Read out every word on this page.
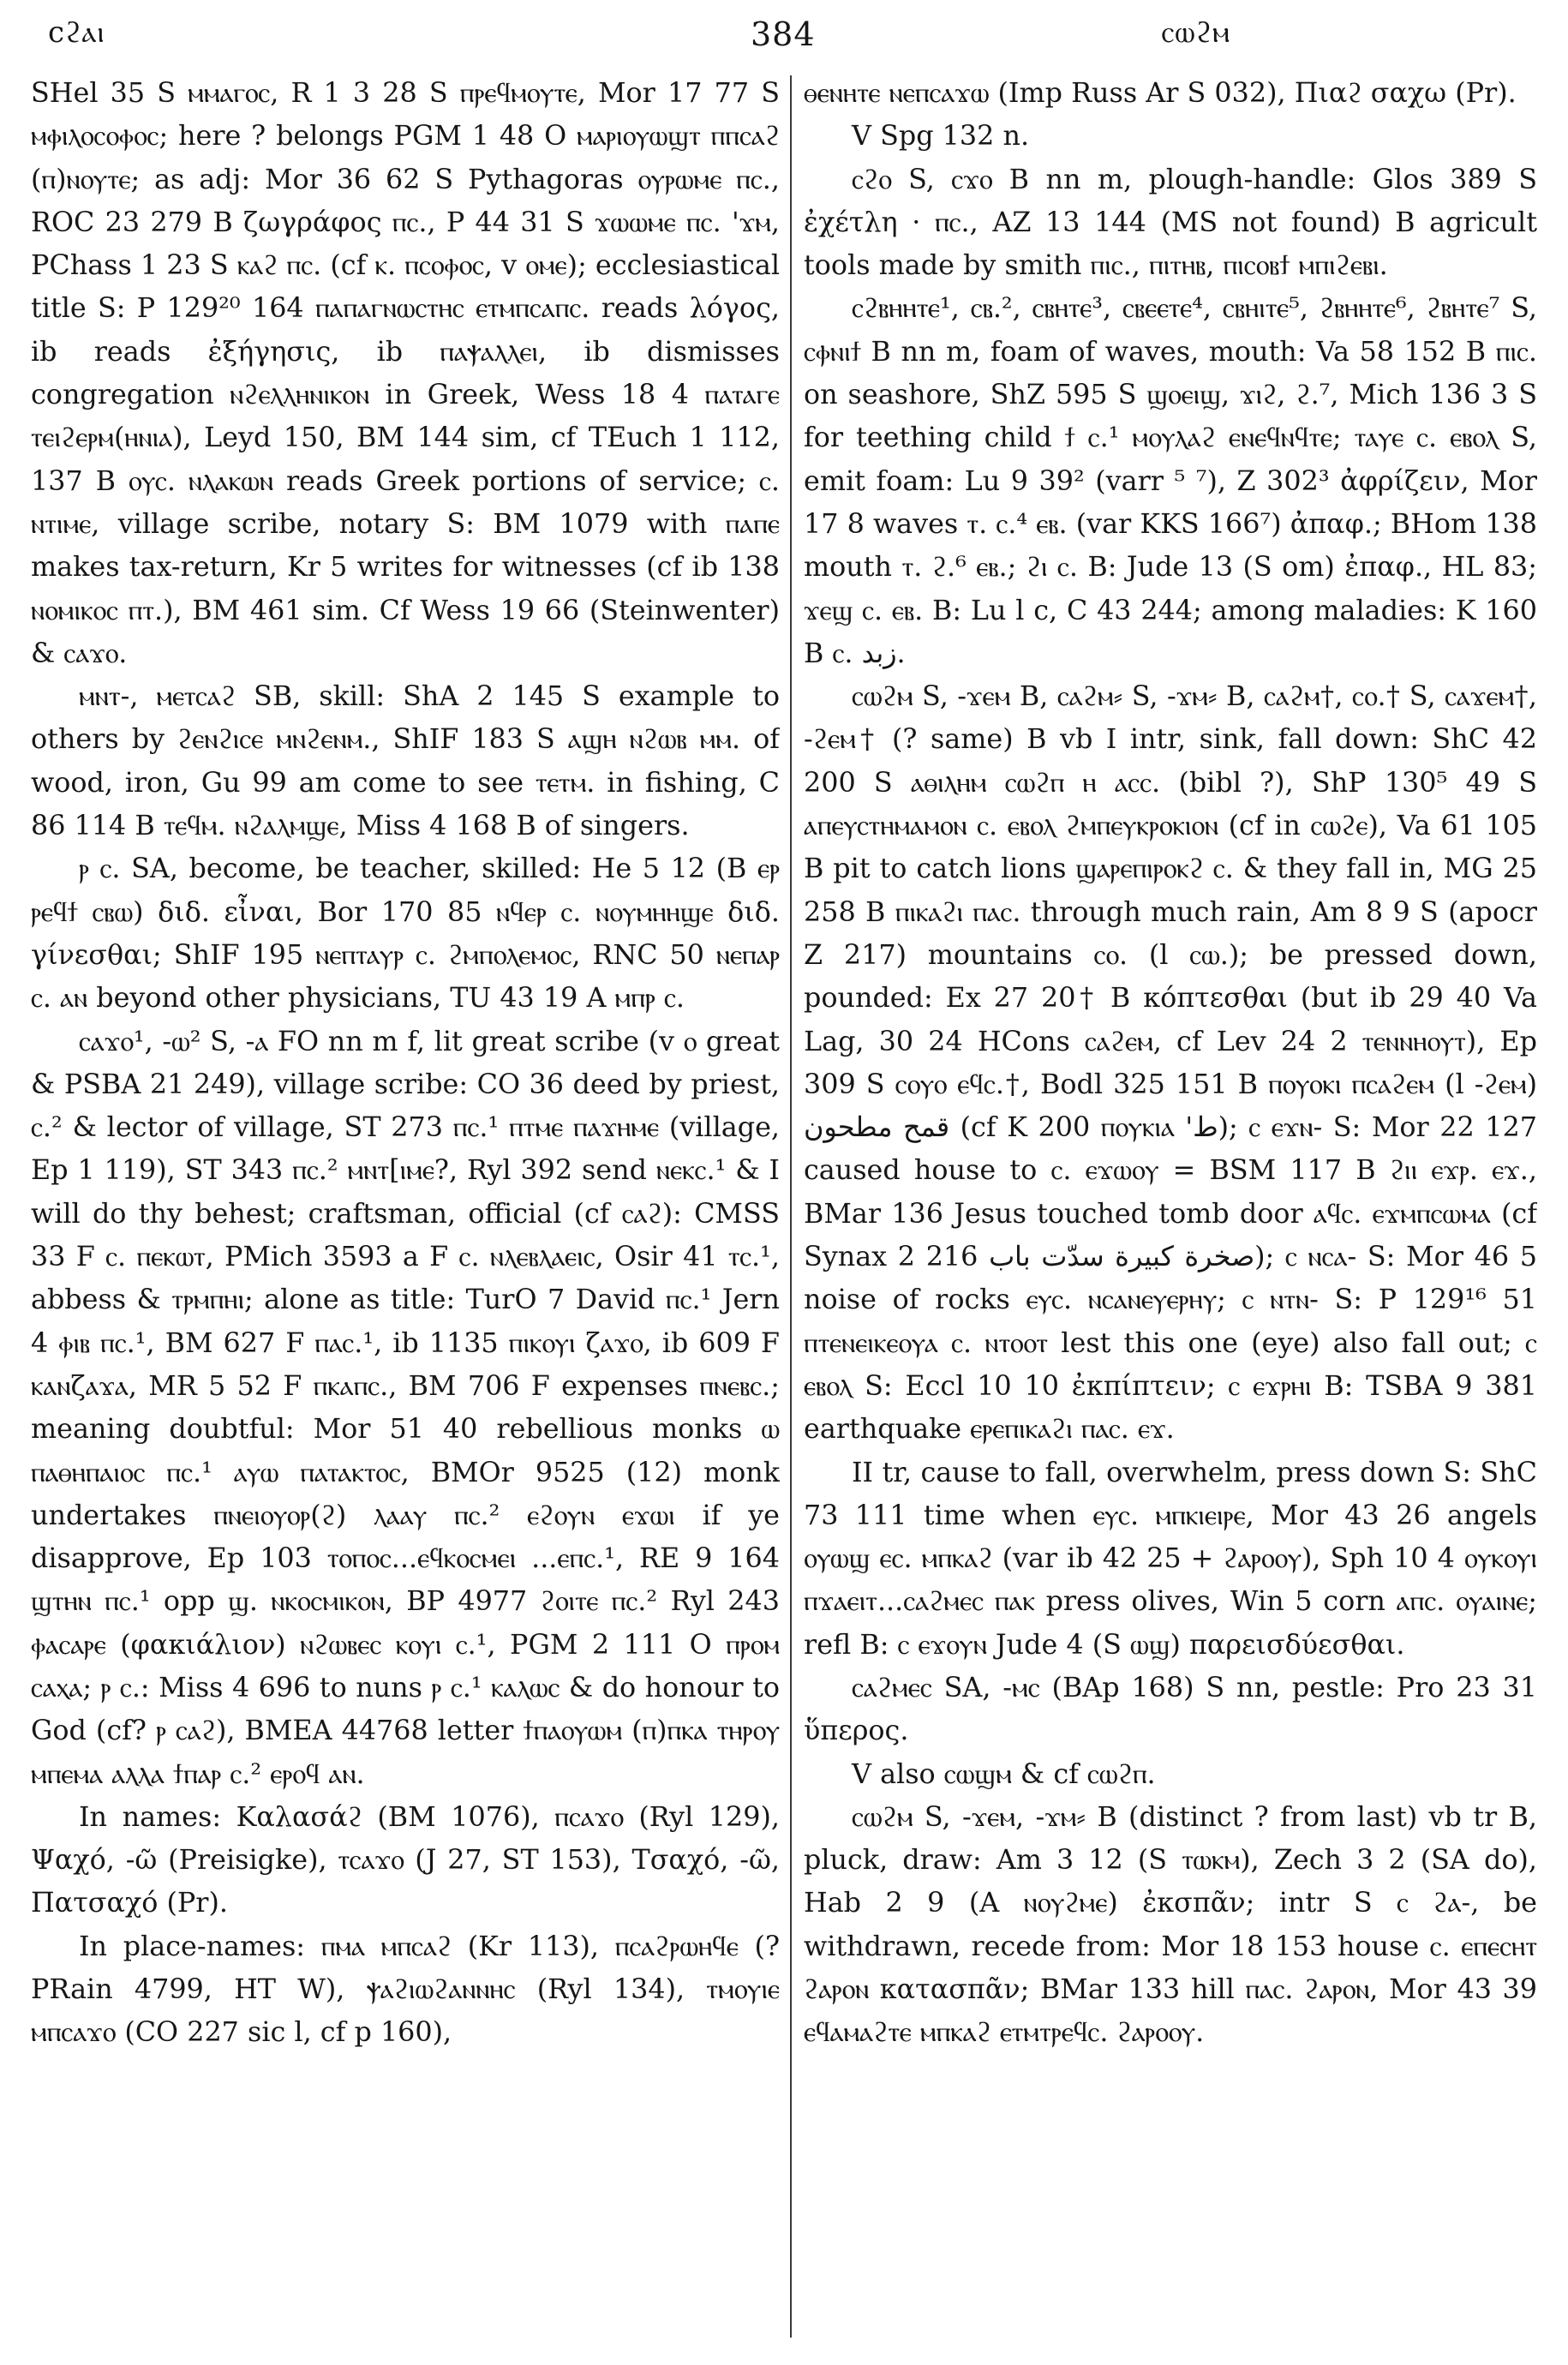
ϲϩⲁⲓ	384	ⲥⲱϩⲙ

SHel 35 S ⲙⲙⲁⲅⲟⲥ, R 1 3 28 S ⲡⲣⲉϥⲙⲟⲩⲧⲉ, Mor 17 77 S ⲙⲫⲓⲗⲟⲥⲟⲫⲟⲥ; here ? belongs PGM 1 48 O ⲙⲁⲣⲓⲟⲩⲱϣⲧ ⲡⲡⲥⲁϩ (ⲡ)ⲛⲟⲩⲧⲉ; as adj: Mor 36 62 S Pythagoras ⲟⲩⲣⲱⲙⲉ ⲡⲥ., ROC 23 279 B ζωγράφος ⲡⲥ., P 44 31 S ϫⲱⲱⲙⲉ ⲡⲥ. 'ϫⲙ, PChass 1 23 S ⲕⲁϩ ⲡⲥ. (cf ⲕ. ⲡⲥⲟⲫⲟⲥ, v ⲟⲙⲉ); ecclesiastical title S: P 129²⁰ 164 ⲡⲁⲡⲁⲅⲛⲱⲥⲧⲏⲥ ⲉⲧⲙⲡⲥⲁⲡⲥ. reads λόγος, ib reads ἐξήγησις, ib ⲡⲁⲯⲁⲗⲗⲉⲓ, ib dismisses congregation ⲛϩⲉⲗⲗⲏⲛⲓⲕⲟⲛ in Greek, Wess 18 4 ⲡⲁⲧⲁⲅⲉ ⲧⲉⲓϩⲉⲣⲙ(ⲏⲛⲓⲁ), Leyd 150, BM 144 sim, cf TEuch 1 112, 137 B ⲟⲩⲥ. ⲛⲗⲁⲕⲱⲛ reads Greek portions of service; ⲥ. ⲛⲧⲓⲙⲉ, village scribe, notary S: BM 1079 with ⲡⲁⲡⲉ makes tax-return, Kr 5 writes for witnesses (cf ib 138 ⲛⲟⲙⲓⲕⲟⲥ ⲡⲧ.), BM 461 sim. Cf Wess 19 66 (Steinwenter) & ⲥⲁϫⲟ.

ⲙⲛⲧ-, ⲙⲉⲧⲥⲁϩ SB, skill: ShA 2 145 S example to others by ϩⲉⲛϩⲓⲥⲉ ⲙⲛϩⲉⲛⲙ., ShIF 183 S ⲁϣⲏ ⲛϩⲱⲃ ⲙⲙ. of wood, iron, Gu 99 am come to see ⲧⲉⲧⲙ. in fishing, C 86 114 B ⲧⲉϥⲙ. ⲛϩⲁⲗⲙϣⲉ, Miss 4 168 B of singers.

ⲣ ⲥ. SA, become, be teacher, skilled: He 5 12 (B ⲉⲣ ⲣⲉϥϯ ⲥⲃⲱ) διδ. εἶναι, Bor 170 85 ⲛϥⲉⲣ ⲥ. ⲛⲟⲩⲙⲏⲏϣⲉ διδ. γίνεσθαι; ShIF 195 ⲛⲉⲡⲧⲁⲩⲣ ⲥ. ϩⲙⲡⲟⲗⲉⲙⲟⲥ, RNC 50 ⲛⲉⲡⲁⲣ ⲥ. ⲁⲛ beyond other physicians, TU 43 19 A ⲙⲡⲣ ⲥ.

ⲥⲁϫⲟ¹, -ⲱ² S, -ⲁ FO nn m f, lit great scribe (v ⲟ great & PSBA 21 249), village scribe: CO 36 deed by priest, ⲥ.² & lector of village, ST 273 ⲡⲥ.¹ ⲡⲧⲙⲉ ⲡⲁϫⲏⲙⲉ (village, Ep 1 119), ST 343 ⲡⲥ.² ⲙⲛⲧ[ⲓⲙⲉ?, Ryl 392 send ⲛⲉⲕⲥ.¹ & I will do thy behest; craftsman, official (cf ⲥⲁϩ): CMSS 33 F ⲥ. ⲡⲉⲕⲱⲧ, PMich 3593 a F ⲥ. ⲛⲗⲉⲃⲗⲁⲉⲓⲥ, Osir 41 ⲧⲥ.¹, abbess & ⲧⲣⲙⲡⲏⲓ; alone as title: TurO 7 David ⲡⲥ.¹ Jern 4 ⲫⲓⲃ ⲡⲥ.¹, BM 627 F ⲡⲁⲥ.¹, ib 1135 ⲡⲓⲕⲟⲩⲓ ζⲁϫⲟ, ib 609 F ⲕⲁⲛζⲁϫⲁ, MR 5 52 F ⲡⲕⲁⲡⲥ., BM 706 F expenses ⲡⲛⲉⲃⲥ.; meaning doubtful: Mor 51 40 rebellious monks ⲱ ⲡⲁⲑⲏⲡⲁⲓⲟⲥ ⲡⲥ.¹ ⲁⲩⲱ ⲡⲁⲧⲁⲕⲧⲟⲥ, BMOr 9525 (12) monk undertakes ⲡⲛⲉⲓⲟⲩⲟⲣ(ϩ) ⲗⲁⲁⲩ ⲡⲥ.² ⲉϩⲟⲩⲛ ⲉϫⲱⲓ if ye disapprove, Ep 103 ⲧⲟⲡⲟⲥ...ⲉϥⲕⲟⲥⲙⲉⲓ ...ⲉⲡⲥ.¹, RE 9 164 ϣⲧⲏⲛ ⲡⲥ.¹ opp ϣ. ⲛⲕⲟⲥⲙⲓⲕⲟⲛ, BP 4977 ϩⲟⲓⲧⲉ ⲡⲥ.² Ryl 243 ⲫⲁⲥⲁⲣⲉ (φακιάλιον) ⲛϩⲱⲃⲉⲥ ⲕⲟⲩⲓ ⲥ.¹, PGM 2 111 O ⲡⲣⲟⲙ ⲥⲁⲭⲁ; ⲣ ⲥ.: Miss 4 696 to nuns ⲣ ⲥ.¹ ⲕⲁⲗⲱⲥ & do honour to God (cf? ⲣ ⲥⲁϩ), BMEA 44768 letter ϯⲡⲁⲟⲩⲱⲙ (ⲡ)ⲡⲕⲁ ⲧⲏⲣⲟⲩ ⲙⲡⲉⲙⲁ ⲁⲗⲗⲁ ϯⲡⲁⲣ ⲥ.² ⲉⲣⲟϥ ⲁⲛ.

In names: Καλασάϩ (BM 1076), ⲡⲥⲁϫⲟ (Ryl 129), Ψαχό, -ῶ (Preisigke), ⲧⲥⲁϫⲟ (J 27, ST 153), Τσαχό, -ῶ, Πατσαχό (Pr).

In place-names: ⲡⲙⲁ ⲙⲡⲥⲁϩ (Kr 113), ⲡⲥⲁϩⲣⲱⲏϥⲉ (? PRain 4799, HT W), ⲯⲁϩⲓⲱϩⲁⲛⲛⲏⲥ (Ryl 134), ⲧⲙⲟⲩⲓⲉ ⲙⲡⲥⲁϫⲟ (CO 227 sic l, cf p 160),

ⲑⲉⲛⲏⲧⲉ ⲛⲉⲡⲥⲁϫⲱ (Imp Russ Ar S 032), Πιαϩ σαχω (Pr).

V Spg 132 n.

ⲥϩⲟ S, ⲥϫⲟ B nn m, plough-handle: Glos 389 S ἐχέτλη · ⲡⲥ., AZ 13 144 (MS not found) B agricult tools made by smith ⲡⲓⲥ., ⲡⲓⲧⲏⲃ, ⲡⲓⲥⲟⲃϯ ⲙⲡⲓϩⲉⲃⲓ.

ⲥϩⲃⲏⲏⲧⲉ¹, ⲥⲃ.², ⲥⲃⲏⲧⲉ³, ⲥⲃⲉⲉⲧⲉ⁴, ⲥⲃⲏⲓⲧⲉ⁵, ϩⲃⲏⲏⲧⲉ⁶, ϩⲃⲏⲧⲉ⁷ S, ⲥⲫⲛⲓϯ B nn m, foam of waves, mouth: Va 58 152 B ⲡⲓⲥ. on seashore, ShZ 595 S ϣⲟⲉⲓϣ, ϫⲓϩ, ϩ.⁷, Mich 136 3 S for teething child ϯ ⲥ.¹ ⲙⲟⲩⲗⲁϩ ⲉⲛⲉϥⲛϥⲧⲉ; ⲧⲁⲩⲉ ⲥ. ⲉⲃⲟⲗ S, emit foam: Lu 9 39² (varr ⁵ ⁷), Z 302³ ἀφρίζειν, Mor 17 8 waves ⲧ. ⲥ.⁴ ⲉⲃ. (var KKS 166⁷) ἀπαφ.; BHom 138 mouth ⲧ. ϩ.⁶ ⲉⲃ.; ϩⲓ ⲥ. B: Jude 13 (S om) ἐπαφ., HL 83; ϫⲉϣ ⲥ. ⲉⲃ. B: Lu l c, C 43 244; among maladies: K 160 B ⲥ. زبد.

ⲥⲱϩⲙ S, -ϫⲉⲙ B, ⲥⲁϩⲙ⸗ S, -ϫⲙ⸗ B, ⲥⲁϩⲙ†, ⲥⲟ.† S, ⲥⲁϫⲉⲙ†, -ϩⲉⲙ† (? same) B vb I intr, sink, fall down: ShC 42 200 S ⲁⲑⲓⲗⲏⲙ ⲥⲱϩⲡ ⲏ ⲁⲥⲥ. (bibl ?), ShP 130⁵ 49 S ⲁⲡⲉⲩⲥⲧⲏⲙⲁⲙⲟⲛ ⲥ. ⲉⲃⲟⲗ ϩⲙⲡⲉⲩⲕⲣⲟⲕⲓⲟⲛ (cf in ⲥⲱϩⲉ), Va 61 105 B pit to catch lions ϣⲁⲣⲉⲡⲓⲣⲟⲕϩ ⲥ. & they fall in, MG 25 258 B ⲡⲓⲕⲁϩⲓ ⲡⲁⲥ. through much rain, Am 8 9 S (apocr Z 217) mountains ⲥⲟ. (l ⲥⲱ.); be pressed down, pounded: Ex 27 20† B κόπτεσθαι (but ib 29 40 Va Lag, 30 24 HCons ⲥⲁϩⲉⲙ, cf Lev 24 2 ⲧⲉⲛⲛⲏⲟⲩⲧ), Ep 309 S ⲥⲟⲩⲟ ⲉϥⲥ.†, Bodl 325 151 B ⲡⲟⲩⲟⲕⲓ ⲡⲥⲁϩⲉⲙ (l -ϩⲉⲙ) قمح مطحون (cf K 200 ⲡⲟⲩⲕⲓⲁ 'ط); ⲥ ⲉϫⲛ- S: Mor 22 127 caused house to ⲥ. ⲉϫⲱⲟⲩ = BSM 117 B ϩⲓⲓ ⲉϫⲣ. ⲉϫ., BMar 136 Jesus touched tomb door ⲁϥⲥ. ⲉϫⲙⲡⲥⲱⲙⲁ (cf Synax 2 216 صخرة كبيرة سدّت باب); ⲥ ⲛⲥⲁ- S: Mor 46 5 noise of rocks ⲉⲩⲥ. ⲛⲥⲁⲛⲉⲩⲉⲣⲏⲩ; ⲥ ⲛⲧⲛ- S: P 129¹⁶ 51 ⲡⲧⲉⲛⲉⲓⲕⲉⲟⲩⲁ ⲥ. ⲛⲧⲟⲟⲧ lest this one (eye) also fall out; ⲥ ⲉⲃⲟⲗ S: Eccl 10 10 ἐκπίπτειν; ⲥ ⲉϫⲣⲏⲓ B: TSBA 9 381 earthquake ⲉⲣⲉⲡⲓⲕⲁϩⲓ ⲡⲁⲥ. ⲉϫ.

II tr, cause to fall, overwhelm, press down S: ShC 73 111 time when ⲉⲩⲥ. ⲙⲡⲕⲓⲉⲓⲣⲉ, Mor 43 26 angels ⲟⲩⲱϣ ⲉⲥ. ⲙⲡⲕⲁϩ (var ib 42 25 + ϩⲁⲣⲟⲟⲩ), Sph 10 4 ⲟⲩⲕⲟⲩⲓ ⲡϫⲁⲉⲓⲧ...ⲥⲁϩⲙⲉⲥ ⲡⲁⲕ press olives, Win 5 corn ⲁⲡⲥ. ⲟⲩⲁⲓⲛⲉ; refl B: ⲥ ⲉϫⲟⲩⲛ Jude 4 (S ⲱϣ) παρεισδύεσθαι.

ⲥⲁϩⲙⲉⲥ SA, -ⲙⲥ (BAp 168) S nn, pestle: Pro 23 31 ὕπερος.

V also ⲥⲱϣⲙ & cf ⲥⲱϩⲡ.

ⲥⲱϩⲙ S, -ϫⲉⲙ, -ϫⲙ⸗ B (distinct ? from last) vb tr B, pluck, draw: Am 3 12 (S ⲧⲱⲕⲙ), Zech 3 2 (SA do), Hab 2 9 (A ⲛⲟⲩϩⲙⲉ) ἐκσπᾶν; intr S ⲥ ϩⲁ-, be withdrawn, recede from: Mor 18 153 house ⲥ. ⲉⲡⲉⲥⲏⲧ ϩⲁⲣⲟⲛ κατασπᾶν; BMar 133 hill ⲡⲁⲥ. ϩⲁⲣⲟⲛ, Mor 43 39 ⲉϥⲁⲙⲁϩⲧⲉ ⲙⲡⲕⲁϩ ⲉⲧⲙⲧⲣⲉϥⲥ. ϩⲁⲣⲟⲟⲩ.
